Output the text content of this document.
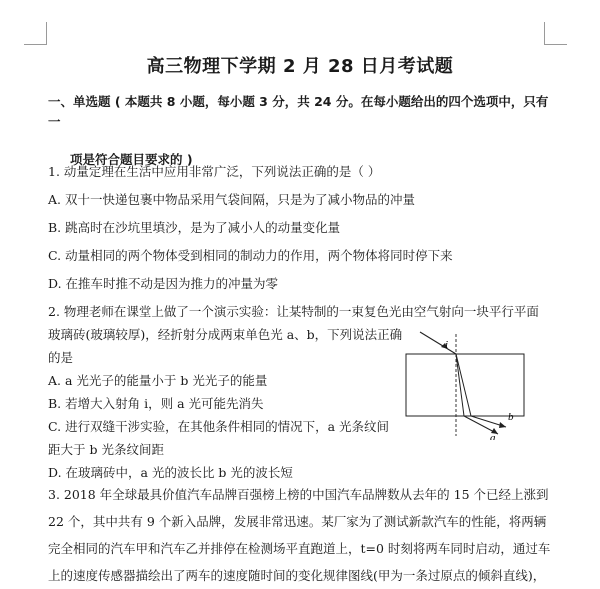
高三物理下学期 2 月 28 日月考试题
一、单选题 ( 本题共 8 小题，每小题 3 分，共 24 分。在每小题给出的四个选项中，只有一
项是符合题目要求的 )
1. 动量定理在生活中应用非常广泛，下列说法正确的是（ ）
A. 双十一快递包裹中物品采用气袋间隔，只是为了减小物品的冲量
B. 跳高时在沙坑里填沙，是为了减小人的动量变化量
C. 动量相同的两个物体受到相同的制动力的作用，两个物体将同时停下来
D. 在推车时推不动是因为推力的冲量为零
2. 物理老师在课堂上做了一个演示实验：让某特制的一束复色光由空气射向一块平行平面
玻璃砖(玻璃较厚)，经折射分成两束单色光 a、b，下列说法正确
的是
A. a 光光子的能量小于 b 光光子的能量
B. 若增大入射角 i，则 a 光可能先消失
C. 进行双缝干涉实验，在其他条件相同的情况下，a 光条纹间
距大于 b 光条纹间距
D. 在玻璃砖中，a 光的波长比 b 光的波长短
i
a
b
3. 2018 年全球最具价值汽车品牌百强榜上榜的中国汽车品牌数从去年的 15 个已经上涨到
22 个，其中共有 9 个新入品牌，发展非常迅速。某厂家为了测试新款汽车的性能，将两辆
完全相同的汽车甲和汽车乙并排停在检测场平直跑道上，t=0 时刻将两车同时启动，通过车
上的速度传感器描绘出了两车的速度随时间的变化规律图线(甲为一条过原点的倾斜直线)，
